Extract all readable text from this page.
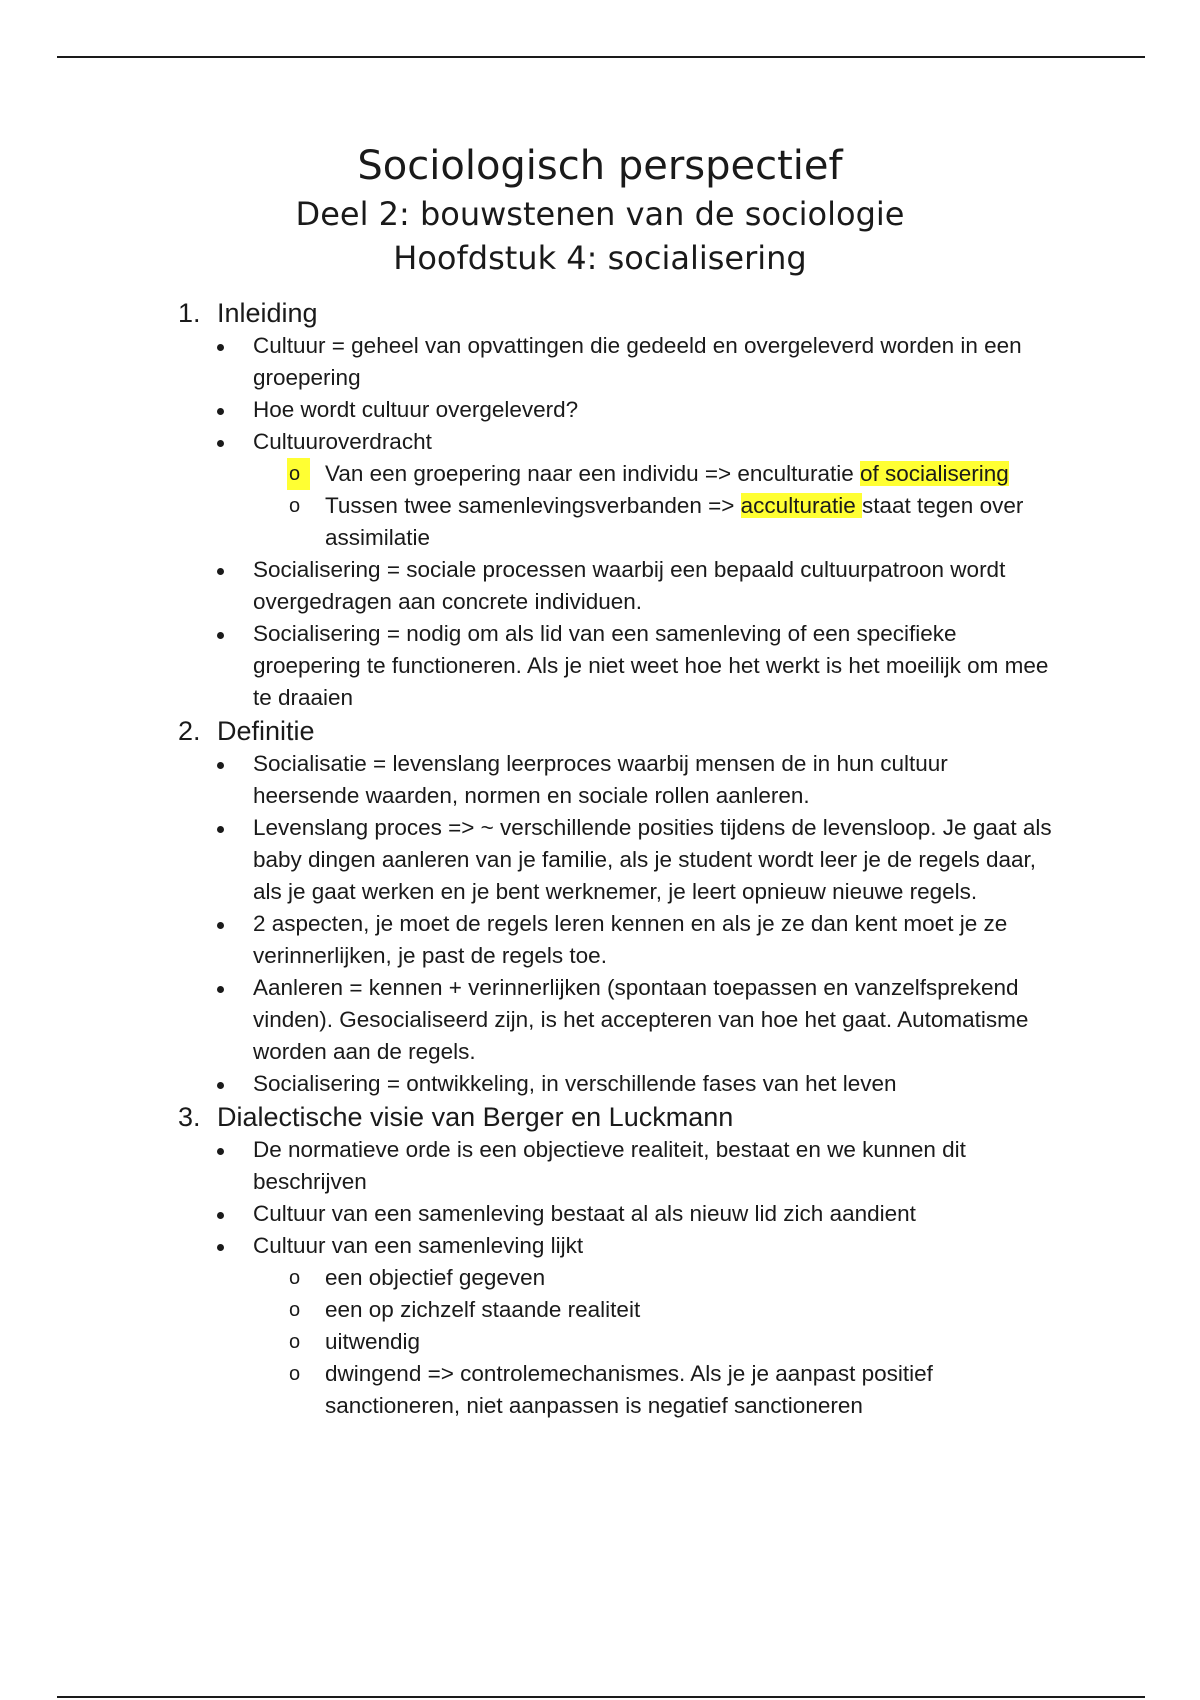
Sociologisch perspectief
Deel 2: bouwstenen van de sociologie
Hoofdstuk 4: socialisering
1. Inleiding
Cultuur = geheel van opvattingen die gedeeld en overgeleverd worden in een groepering
Hoe wordt cultuur overgeleverd?
Cultuuroverdracht
o	Van een groepering naar een individu => enculturatie of socialisering
o Tussen twee samenlevingsverbanden => acculturatie staat tegen over assimilatie
Socialisering = sociale processen waarbij een bepaald cultuurpatroon wordt overgedragen aan concrete individuen.
Socialisering = nodig om als lid van een samenleving of een specifieke groepering te functioneren. Als je niet weet hoe het werkt is het moeilijk om mee te draaien
2. Definitie
Socialisatie = levenslang leerproces waarbij mensen de in hun cultuur heersende waarden, normen en sociale rollen aanleren.
Levenslang proces => ~ verschillende posities tijdens de levensloop. Je gaat als baby dingen aanleren van je familie, als je student wordt leer je de regels daar, als je gaat werken en je bent werknemer, je leert opnieuw nieuwe regels.
2 aspecten, je moet de regels leren kennen en als je ze dan kent moet je ze verinnerlijken, je past de regels toe.
Aanleren = kennen + verinnerlijken (spontaan toepassen en vanzelfsprekend vinden). Gesocialiseerd zijn, is het accepteren van hoe het gaat. Automatisme worden aan de regels.
Socialisering = ontwikkeling, in verschillende fases van het leven
3. Dialectische visie van Berger en Luckmann
De normatieve orde is een objectieve realiteit, bestaat en we kunnen dit beschrijven
Cultuur van een samenleving bestaat al als nieuw lid zich aandient
Cultuur van een samenleving lijkt
o een objectief gegeven
o een op zichzelf staande realiteit
o uitwendig
o dwingend => controlemechanismes. Als je je aanpast positief sanctioneren, niet aanpassen is negatief sanctioneren
